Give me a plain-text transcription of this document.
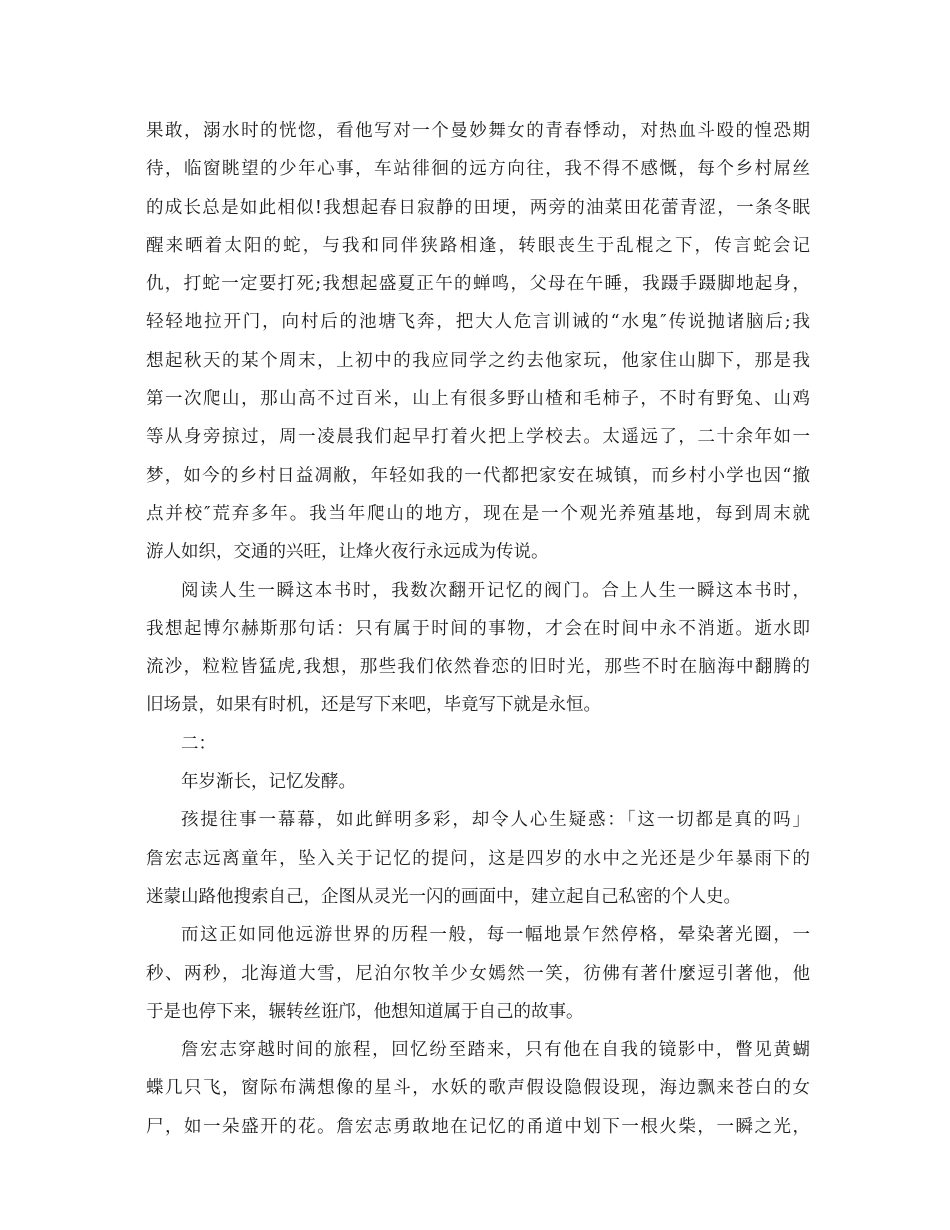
果敢，溺水时的恍惚，看他写对一个曼妙舞女的青春悸动，对热血斗殴的惶恐期
待，临窗眺望的少年心事，车站徘徊的远方向往，我不得不感慨，每个乡村屌丝
的成长总是如此相似!我想起春日寂静的田埂，两旁的油菜田花蕾青涩，一条冬眠
醒来晒着太阳的蛇，与我和同伴狭路相逢，转眼丧生于乱棍之下，传言蛇会记
仇，打蛇一定要打死;我想起盛夏正午的蝉鸣，父母在午睡，我蹑手蹑脚地起身，
轻轻地拉开门，向村后的池塘飞奔，把大人危言训诫的“水鬼″传说抛诸脑后;我
想起秋天的某个周末，上初中的我应同学之约去他家玩，他家住山脚下，那是我
第一次爬山，那山高不过百米，山上有很多野山楂和毛柿子，不时有野兔、山鸡
等从身旁掠过，周一凌晨我们起早打着火把上学校去。太遥远了，二十余年如一
梦，如今的乡村日益凋敝，年轻如我的一代都把家安在城镇，而乡村小学也因“撤
点并校″荒弃多年。我当年爬山的地方，现在是一个观光养殖基地，每到周末就
游人如织，交通的兴旺，让烽火夜行永远成为传说。
阅读人生一瞬这本书时，我数次翻开记忆的阀门。合上人生一瞬这本书时，
我想起博尔赫斯那句话：只有属于时间的事物，才会在时间中永不消逝。逝水即
流沙，粒粒皆猛虎,我想，那些我们依然眷恋的旧时光，那些不时在脑海中翻腾的
旧场景，如果有时机，还是写下来吧，毕竟写下就是永恒。
二：
年岁渐长，记忆发酵。
孩提往事一幕幕，如此鲜明多彩，却令人心生疑惑：「这一切都是真的吗」
詹宏志远离童年，坠入关于记忆的提问，这是四岁的水中之光还是少年暴雨下的
迷蒙山路他搜索自己，企图从灵光一闪的画面中，建立起自己私密的个人史。
而这正如同他远游世界的历程一般，每一幅地景乍然停格，晕染著光圈，一
秒、两秒，北海道大雪，尼泊尔牧羊少女嫣然一笑，彷佛有著什麼逗引著他，他
于是也停下来，辗转丝诳邝，他想知道属于自己的故事。
詹宏志穿越时间的旅程，回忆纷至踏来，只有他在自我的镜影中，瞥见黄蝴
蝶几只飞，窗际布满想像的星斗，水妖的歌声假设隐假设现，海边飘来苍白的女
尸，如一朵盛开的花。詹宏志勇敢地在记忆的甬道中划下一根火柴，一瞬之光，
